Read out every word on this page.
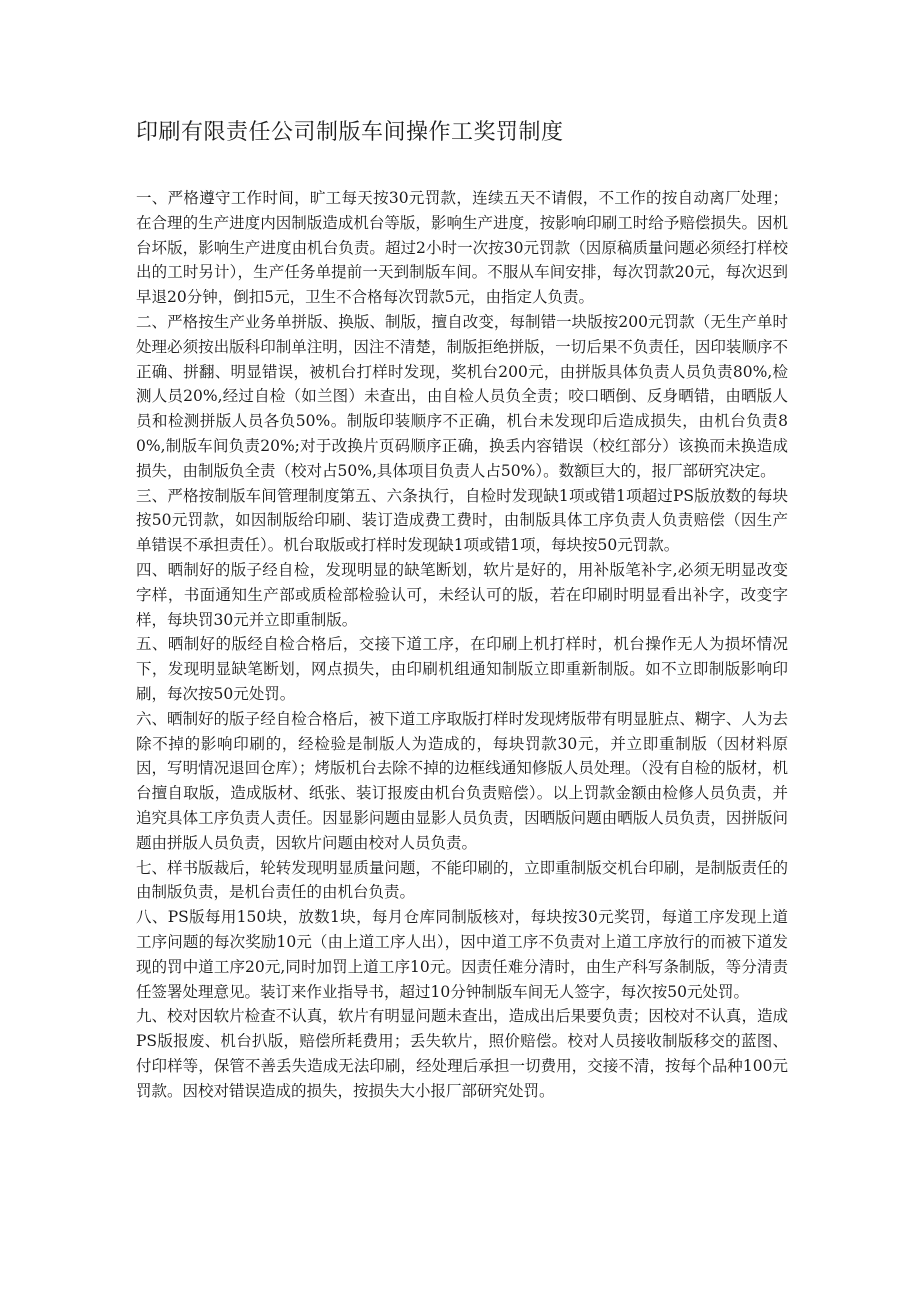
印刷有限责任公司制版车间操作工奖罚制度

一、严格遵守工作时间，旷工每天按30元罚款，连续五天不请假，不工作的按自动离厂处理；在合理的生产进度内因制版造成机台等版，影响生产进度，按影响印刷工时给予赔偿损失。因机台坏版，影响生产进度由机台负责。超过2小时一次按30元罚款（因原稿质量问题必须经打样校出的工时另计），生产任务单提前一天到制版车间。不服从车间安排，每次罚款20元，每次迟到早退20分钟，倒扣5元，卫生不合格每次罚款5元，由指定人负责。

二、严格按生产业务单拼版、换版、制版，擅自改变，每制错一块版按200元罚款（无生产单时处理必须按出版科印制单注明，因注不清楚，制版拒绝拼版，一切后果不负责任，因印装顺序不正确、拼翻、明显错误，被机台打样时发现，奖机台200元，由拼版具体负责人员负责80%,检测人员20%,经过自检（如兰图）未查出，由自检人员负全责；咬口晒倒、反身晒错，由晒版人员和检测拼版人员各负50%。制版印装顺序不正确，机台未发现印后造成损失，由机台负责80%,制版车间负责20%;对于改换片页码顺序正确，换丢内容错误（校红部分）该换而未换造成损失，由制版负全责（校对占50%,具体项目负责人占50%）。数额巨大的，报厂部研究决定。

三、严格按制版车间管理制度第五、六条执行，自检时发现缺1项或错1项超过PS版放数的每块按50元罚款，如因制版给印刷、装订造成费工费时，由制版具体工序负责人负责赔偿（因生产单错误不承担责任）。机台取版或打样时发现缺1项或错1项，每块按50元罚款。

四、晒制好的版子经自检，发现明显的缺笔断划，软片是好的，用补版笔补字,必须无明显改变字样，书面通知生产部或质检部检验认可，未经认可的版，若在印刷时明显看出补字，改变字样，每块罚30元并立即重制版。

五、晒制好的版经自检合格后，交接下道工序，在印刷上机打样时，机台操作无人为损坏情况下，发现明显缺笔断划，网点损失，由印刷机组通知制版立即重新制版。如不立即制版影响印刷，每次按50元处罚。

六、晒制好的版子经自检合格后，被下道工序取版打样时发现烤版带有明显脏点、糊字、人为去除不掉的影响印刷的，经检验是制版人为造成的，每块罚款30元，并立即重制版（因材料原因，写明情况退回仓库）；烤版机台去除不掉的边框线通知修版人员处理。（没有自检的版材，机台擅自取版，造成版材、纸张、装订报废由机台负责赔偿）。以上罚款金额由检修人员负责，并追究具体工序负责人责任。因显影问题由显影人员负责，因晒版问题由晒版人员负责，因拼版问题由拼版人员负责，因软片问题由校对人员负责。

七、样书版裁后，轮转发现明显质量问题，不能印刷的，立即重制版交机台印刷，是制版责任的由制版负责，是机台责任的由机台负责。

八、PS版每用150块，放数1块，每月仓库同制版核对，每块按30元奖罚，每道工序发现上道工序问题的每次奖励10元（由上道工序人出），因中道工序不负责对上道工序放行的而被下道发现的罚中道工序20元,同时加罚上道工序10元。因责任难分清时，由生产科写条制版，等分清责任签署处理意见。装订来作业指导书，超过10分钟制版车间无人签字，每次按50元处罚。

九、校对因软片检查不认真，软片有明显问题未查出，造成出后果要负责；因校对不认真，造成PS版报废、机台扒版，赔偿所耗费用；丢失软片，照价赔偿。校对人员接收制版移交的蓝图、付印样等，保管不善丢失造成无法印刷，经处理后承担一切费用，交接不清，按每个品种100元罚款。因校对错误造成的损失，按损失大小报厂部研究处罚。
